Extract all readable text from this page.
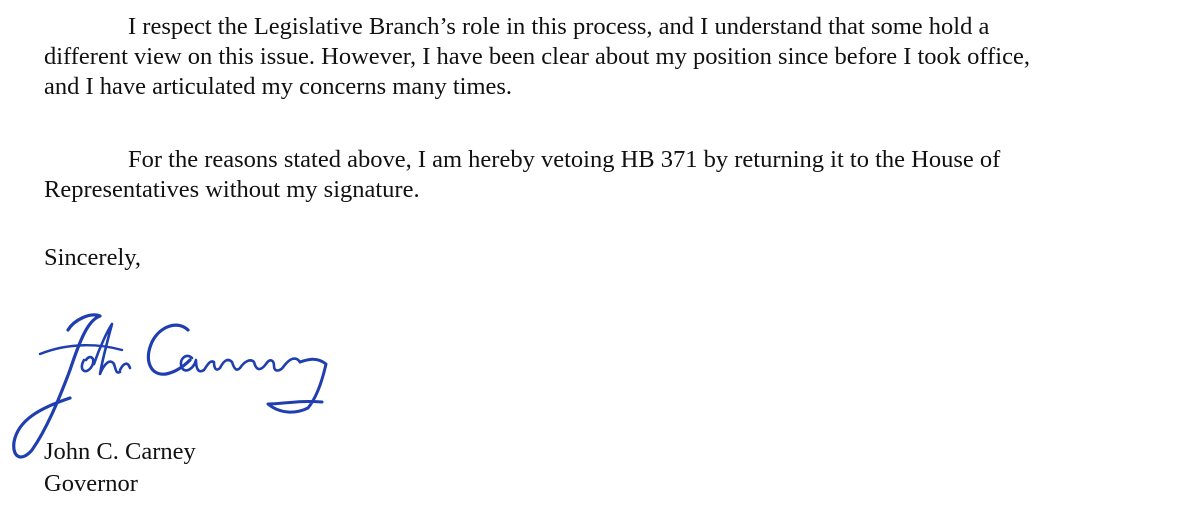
I respect the Legislative Branch’s role in this process, and I understand that some hold a
different view on this issue. However, I have been clear about my position since before I took office,
and I have articulated my concerns many times.

For the reasons stated above, I am hereby vetoing HB 371 by returning it to the House of
Representatives without my signature.

Sincerely,

John C. Carney

Governor
